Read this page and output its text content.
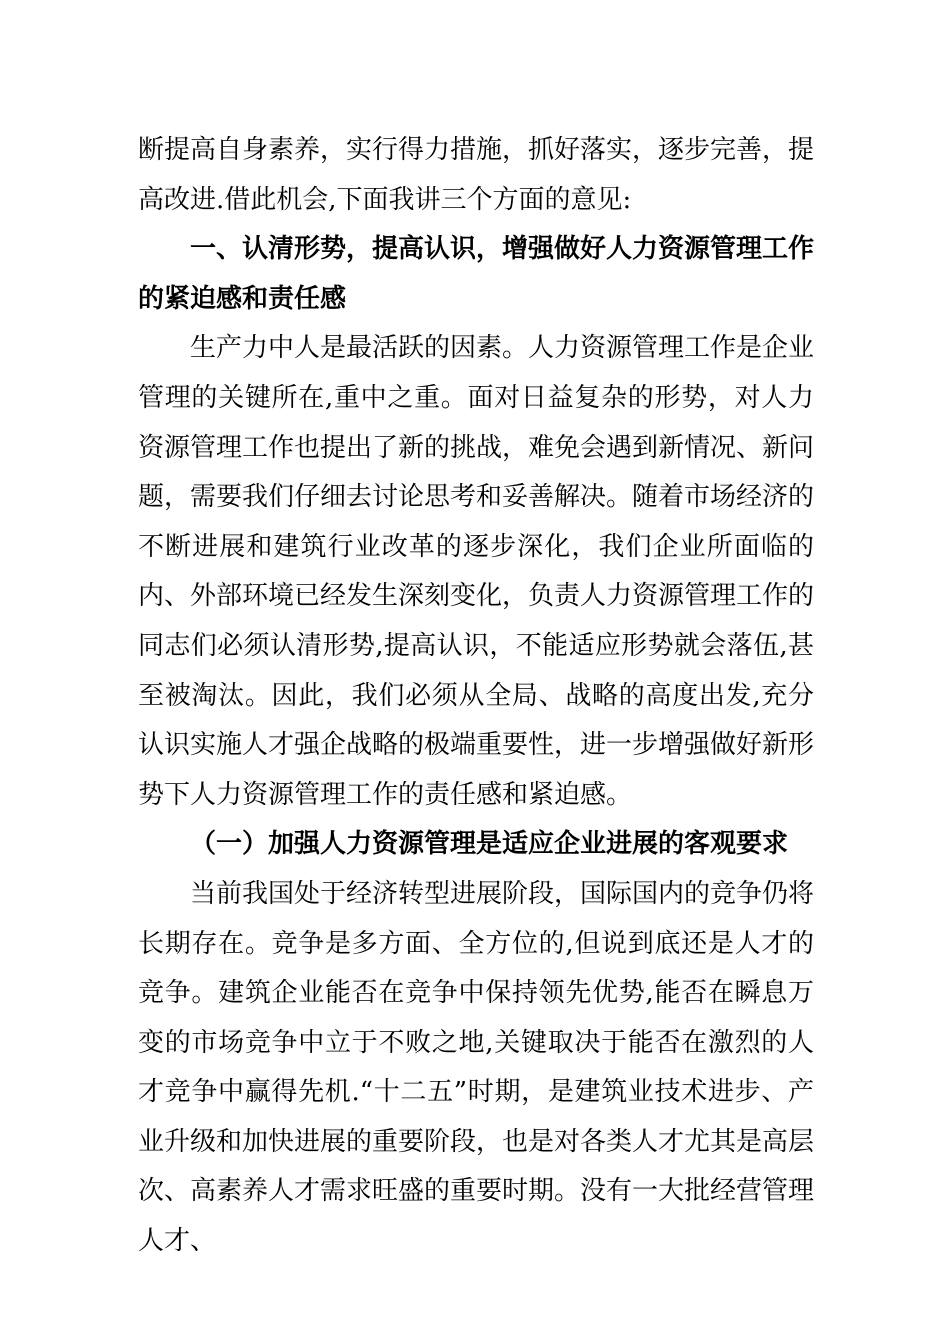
断提高自身素养，实行得力措施，抓好落实，逐步完善，提高改进.借此机会,下面我讲三个方面的意见:

一、认清形势，提高认识，增强做好人力资源管理工作的紧迫感和责任感

生产力中人是最活跃的因素。人力资源管理工作是企业管理的关键所在,重中之重。面对日益复杂的形势，对人力资源管理工作也提出了新的挑战，难免会遇到新情况、新问题，需要我们仔细去讨论思考和妥善解决。随着市场经济的不断进展和建筑行业改革的逐步深化，我们企业所面临的内、外部环境已经发生深刻变化，负责人力资源管理工作的同志们必须认清形势,提高认识，不能适应形势就会落伍,甚至被淘汰。因此，我们必须从全局、战略的高度出发,充分认识实施人才强企战略的极端重要性，进一步增强做好新形势下人力资源管理工作的责任感和紧迫感。

（一）加强人力资源管理是适应企业进展的客观要求

当前我国处于经济转型进展阶段，国际国内的竞争仍将长期存在。竞争是多方面、全方位的,但说到底还是人才的竞争。建筑企业能否在竞争中保持领先优势,能否在瞬息万变的市场竞争中立于不败之地,关键取决于能否在激烈的人才竞争中赢得先机.“十二五”时期，是建筑业技术进步、产业升级和加快进展的重要阶段，也是对各类人才尤其是高层次、高素养人才需求旺盛的重要时期。没有一大批经营管理人才、
